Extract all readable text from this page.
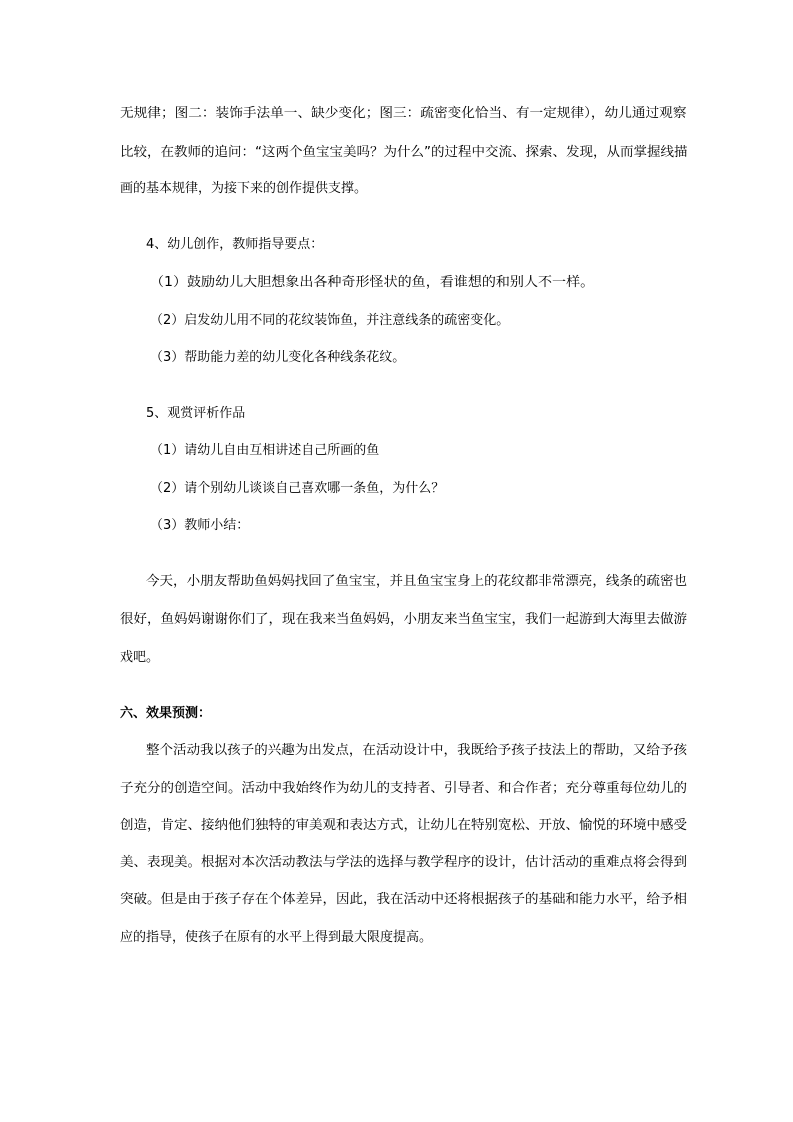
无规律；图二：装饰手法单一、缺少变化；图三：疏密变化恰当、有一定规律），幼儿通过观察
比较，在教师的追问：“这两个鱼宝宝美吗？为什么”的过程中交流、探索、发现，从而掌握线描
画的基本规律，为接下来的创作提供支撑。
4、幼儿创作，教师指导要点：
（1）鼓励幼儿大胆想象出各种奇形怪状的鱼，看谁想的和别人不一样。
（2）启发幼儿用不同的花纹装饰鱼，并注意线条的疏密变化。
（3）帮助能力差的幼儿变化各种线条花纹。
5、观赏评析作品
（1）请幼儿自由互相讲述自己所画的鱼
（2）请个别幼儿谈谈自己喜欢哪一条鱼，为什么？
（3）教师小结：
今天，小朋友帮助鱼妈妈找回了鱼宝宝，并且鱼宝宝身上的花纹都非常漂亮，线条的疏密也
很好，鱼妈妈谢谢你们了，现在我来当鱼妈妈，小朋友来当鱼宝宝，我们一起游到大海里去做游
戏吧。
六、效果预测：
整个活动我以孩子的兴趣为出发点，在活动设计中，我既给予孩子技法上的帮助，又给予孩
子充分的创造空间。活动中我始终作为幼儿的支持者、引导者、和合作者；充分尊重每位幼儿的
创造，肯定、接纳他们独特的审美观和表达方式，让幼儿在特别宽松、开放、愉悦的环境中感受
美、表现美。根据对本次活动教法与学法的选择与教学程序的设计，估计活动的重难点将会得到
突破。但是由于孩子存在个体差异，因此，我在活动中还将根据孩子的基础和能力水平，给予相
应的指导，使孩子在原有的水平上得到最大限度提高。
